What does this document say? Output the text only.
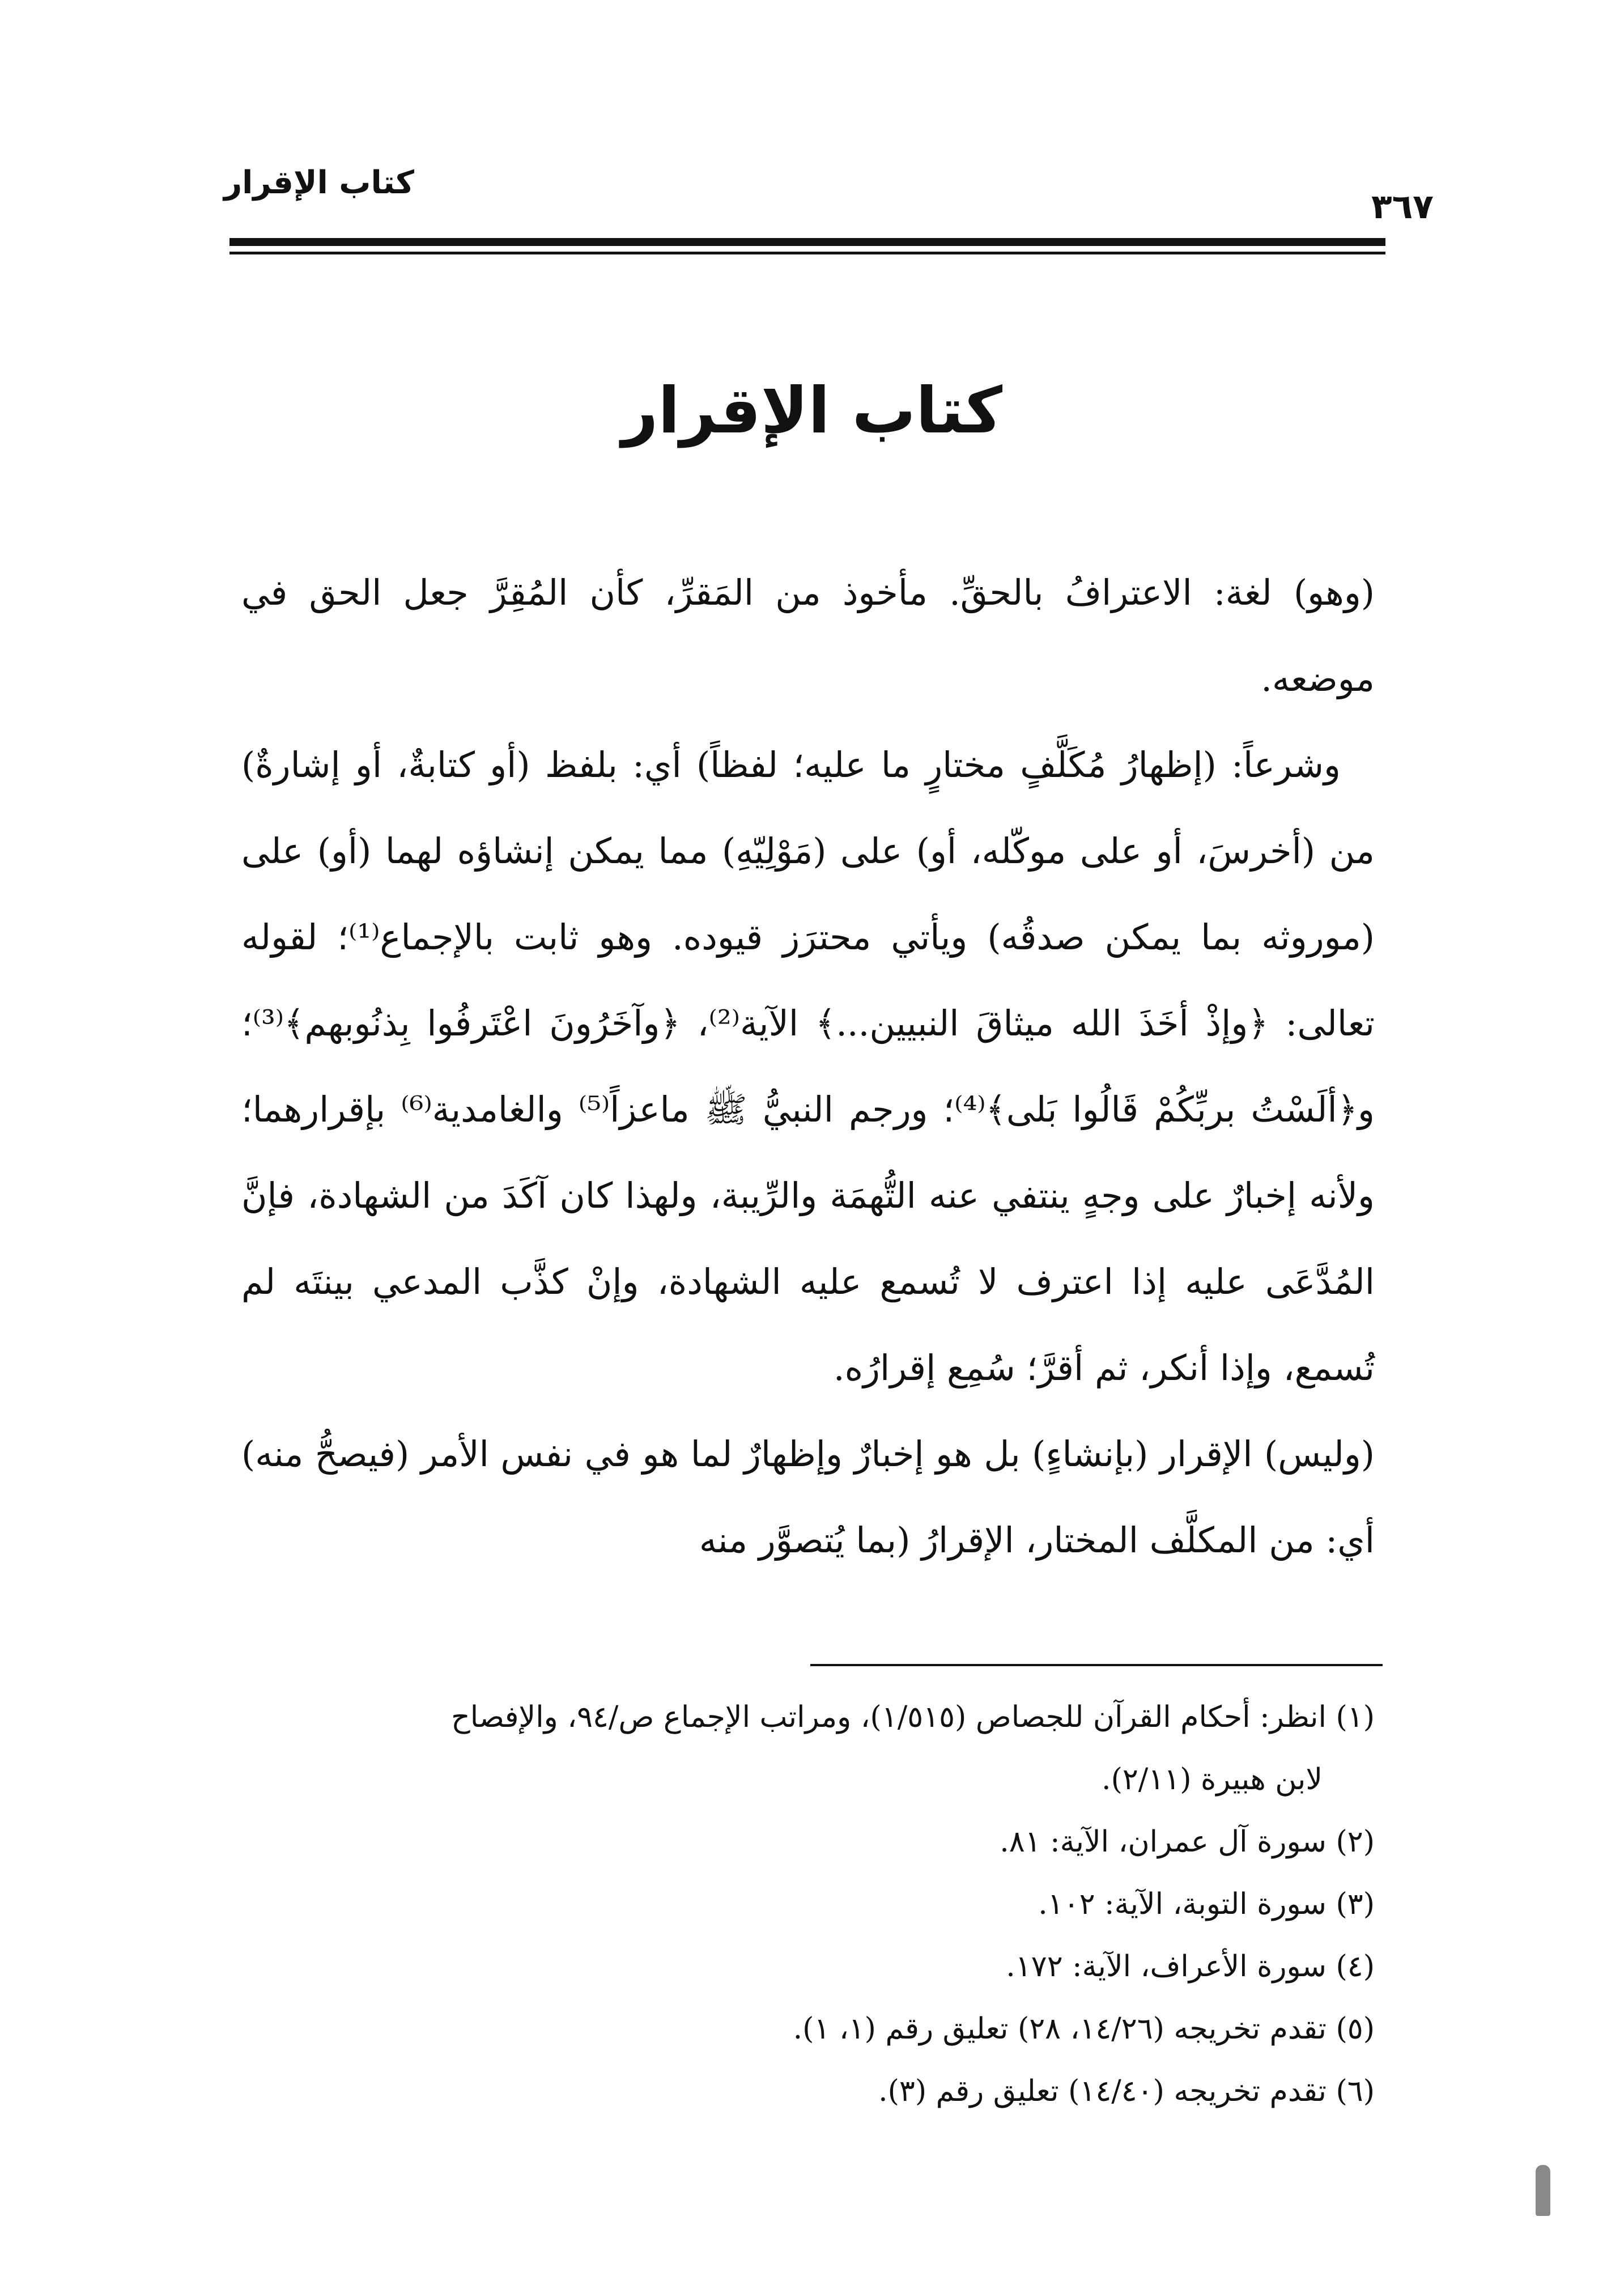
كتاب الإقرار
٣٦٧
كتاب الإقرار

(وهو) لغة: الاعترافُ بالحقِّ. مأخوذ من المَقرِّ، كأن المُقِرَّ جعل الحق في موضعه.

وشرعاً: (إظهارُ مُكَلَّفٍ مختارٍ ما عليه؛ لفظاً) أي: بلفظ (أو كتابةٌ، أو إشارةٌ) من (أخرسَ، أو على موكّله، أو) على (مَوْلِيّهِ) مما يمكن إنشاؤه لهما (أو) على (موروثه بما يمكن صدقُه) ويأتي محترَز قيوده. وهو ثابت بالإجماع⁽¹⁾؛ لقوله تعالى: ﴿وإذْ أخَذَ الله ميثاقَ النبيين...﴾ الآية⁽²⁾، ﴿وآخَرُونَ اعْتَرفُوا بِذنُوبهم﴾⁽³⁾؛ و﴿ألَسْتُ بربِّكُمْ قَالُوا بَلى﴾⁽⁴⁾؛ ورجم النبيُّ ﷺ ماعزاً⁽⁵⁾ والغامدية⁽⁶⁾ بإقرارهما؛ ولأنه إخبارٌ على وجهٍ ينتفي عنه التُّهمَة والرِّيبة، ولهذا كان آكَدَ من الشهادة، فإنَّ المُدَّعَى عليه إذا اعترف لا تُسمع عليه الشهادة، وإنْ كذَّب المدعي بينتَه لم تُسمع، وإذا أنكر، ثم أقرَّ؛ سُمِع إقرارُه.

(وليس) الإقرار (بإنشاءٍ) بل هو إخبارٌ وإظهارٌ لما هو في نفس الأمر (فيصحُّ منه) أي: من المكلَّف المختار، الإقرارُ (بما يُتصوَّر منه

(١) انظر: أحكام القرآن للجصاص (١/٥١٥)، ومراتب الإجماع ص/٩٤، والإفصاح

لابن هبيرة (٢/١١).

(٢) سورة آل عمران، الآية: ٨١.

(٣) سورة التوبة، الآية: ١٠٢.

(٤) سورة الأعراف، الآية: ١٧٢.

(٥) تقدم تخريجه (١٤/٢٦، ٢٨) تعليق رقم (١، ١).

(٦) تقدم تخريجه (١٤/٤٠) تعليق رقم (٣).
